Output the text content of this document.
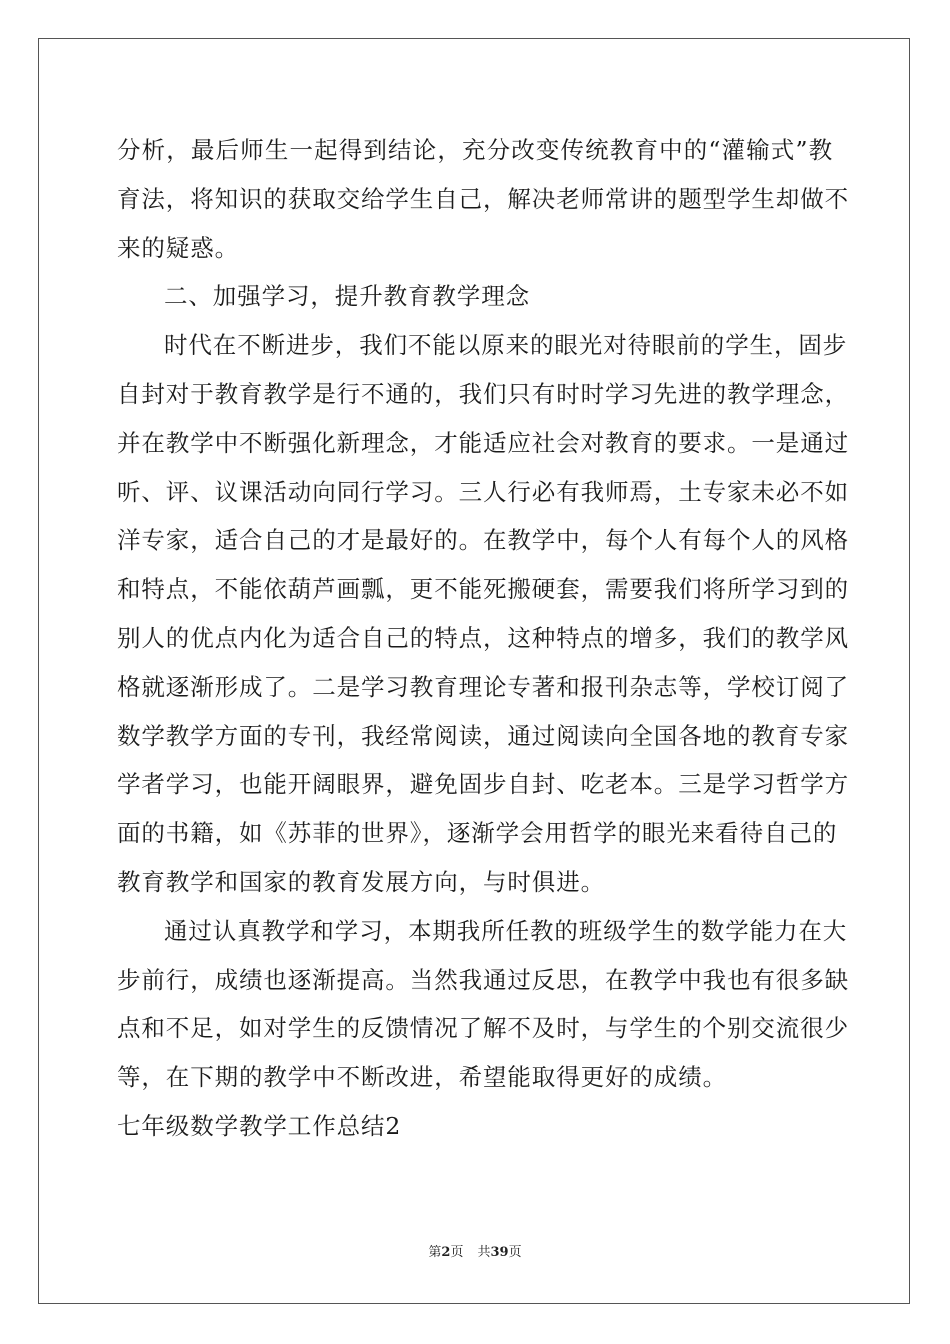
分析，最后师生一起得到结论，充分改变传统教育中的“灌输式”教
育法，将知识的获取交给学生自己，解决老师常讲的题型学生却做不
来的疑惑。
二、加强学习，提升教育教学理念
时代在不断进步，我们不能以原来的眼光对待眼前的学生，固步
自封对于教育教学是行不通的，我们只有时时学习先进的教学理念，
并在教学中不断强化新理念，才能适应社会对教育的要求。一是通过
听、评、议课活动向同行学习。三人行必有我师焉，土专家未必不如
洋专家，适合自己的才是最好的。在教学中，每个人有每个人的风格
和特点，不能依葫芦画瓢，更不能死搬硬套，需要我们将所学习到的
别人的优点内化为适合自己的特点，这种特点的增多，我们的教学风
格就逐渐形成了。二是学习教育理论专著和报刊杂志等，学校订阅了
数学教学方面的专刊，我经常阅读，通过阅读向全国各地的教育专家
学者学习，也能开阔眼界，避免固步自封、吃老本。三是学习哲学方
面的书籍，如《苏菲的世界》，逐渐学会用哲学的眼光来看待自己的
教育教学和国家的教育发展方向，与时俱进。
通过认真教学和学习，本期我所任教的班级学生的数学能力在大
步前行，成绩也逐渐提高。当然我通过反思，在教学中我也有很多缺
点和不足，如对学生的反馈情况了解不及时，与学生的个别交流很少
等，在下期的教学中不断改进，希望能取得更好的成绩。
七年级数学教学工作总结2
第2页 共39页
